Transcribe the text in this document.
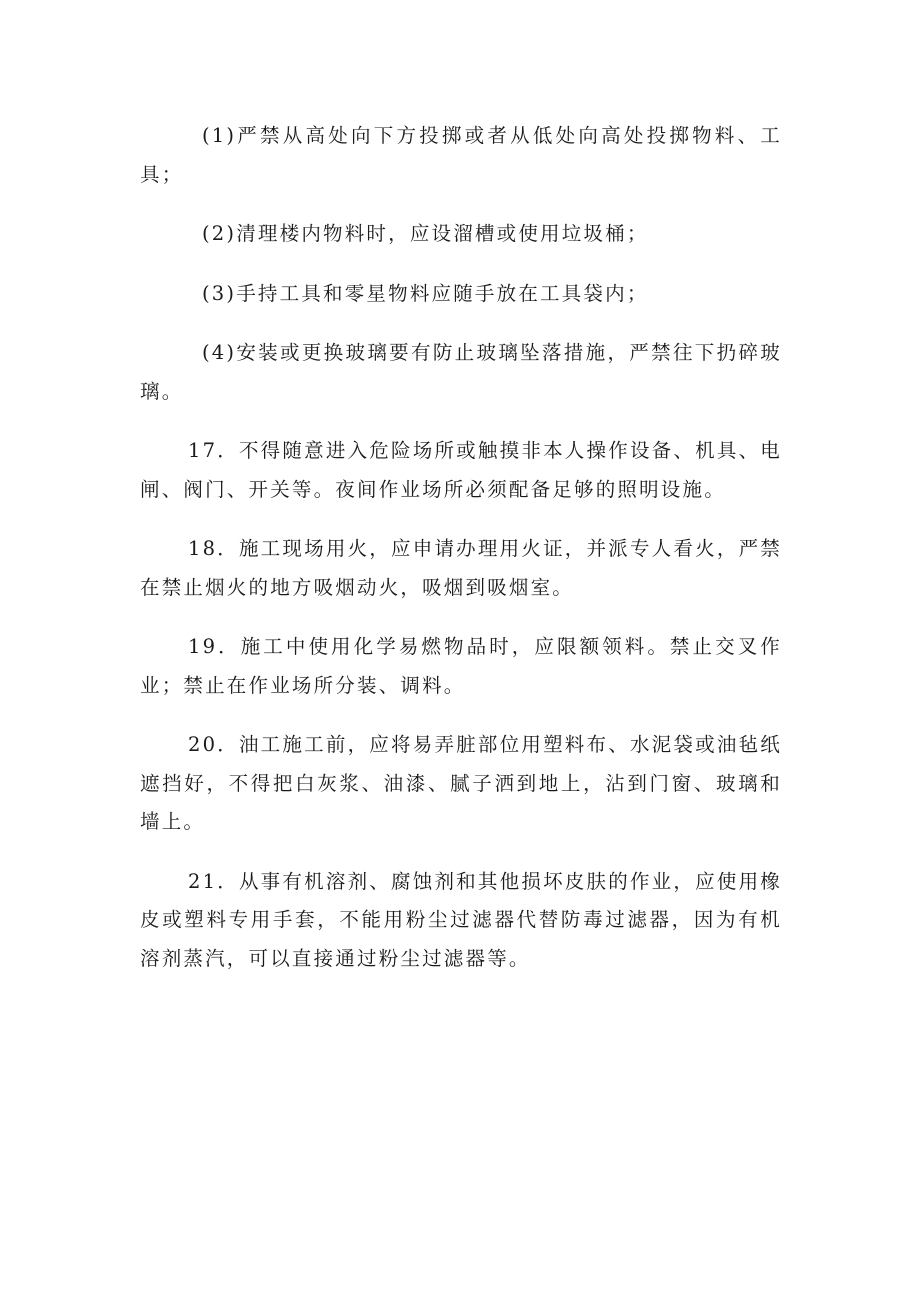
(1)严禁从高处向下方投掷或者从低处向高处投掷物料、工具；

(2)清理楼内物料时，应设溜槽或使用垃圾桶；

(3)手持工具和零星物料应随手放在工具袋内；

(4)安装或更换玻璃要有防止玻璃坠落措施，严禁往下扔碎玻璃。

17．不得随意进入危险场所或触摸非本人操作设备、机具、电闸、阀门、开关等。夜间作业场所必须配备足够的照明设施。

18．施工现场用火，应申请办理用火证，并派专人看火，严禁在禁止烟火的地方吸烟动火，吸烟到吸烟室。

19．施工中使用化学易燃物品时，应限额领料。禁止交叉作业；禁止在作业场所分装、调料。

20．油工施工前，应将易弄脏部位用塑料布、水泥袋或油毡纸遮挡好，不得把白灰浆、油漆、腻子洒到地上，沾到门窗、玻璃和墙上。

21．从事有机溶剂、腐蚀剂和其他损坏皮肤的作业，应使用橡皮或塑料专用手套，不能用粉尘过滤器代替防毒过滤器，因为有机溶剂蒸汽，可以直接通过粉尘过滤器等。
